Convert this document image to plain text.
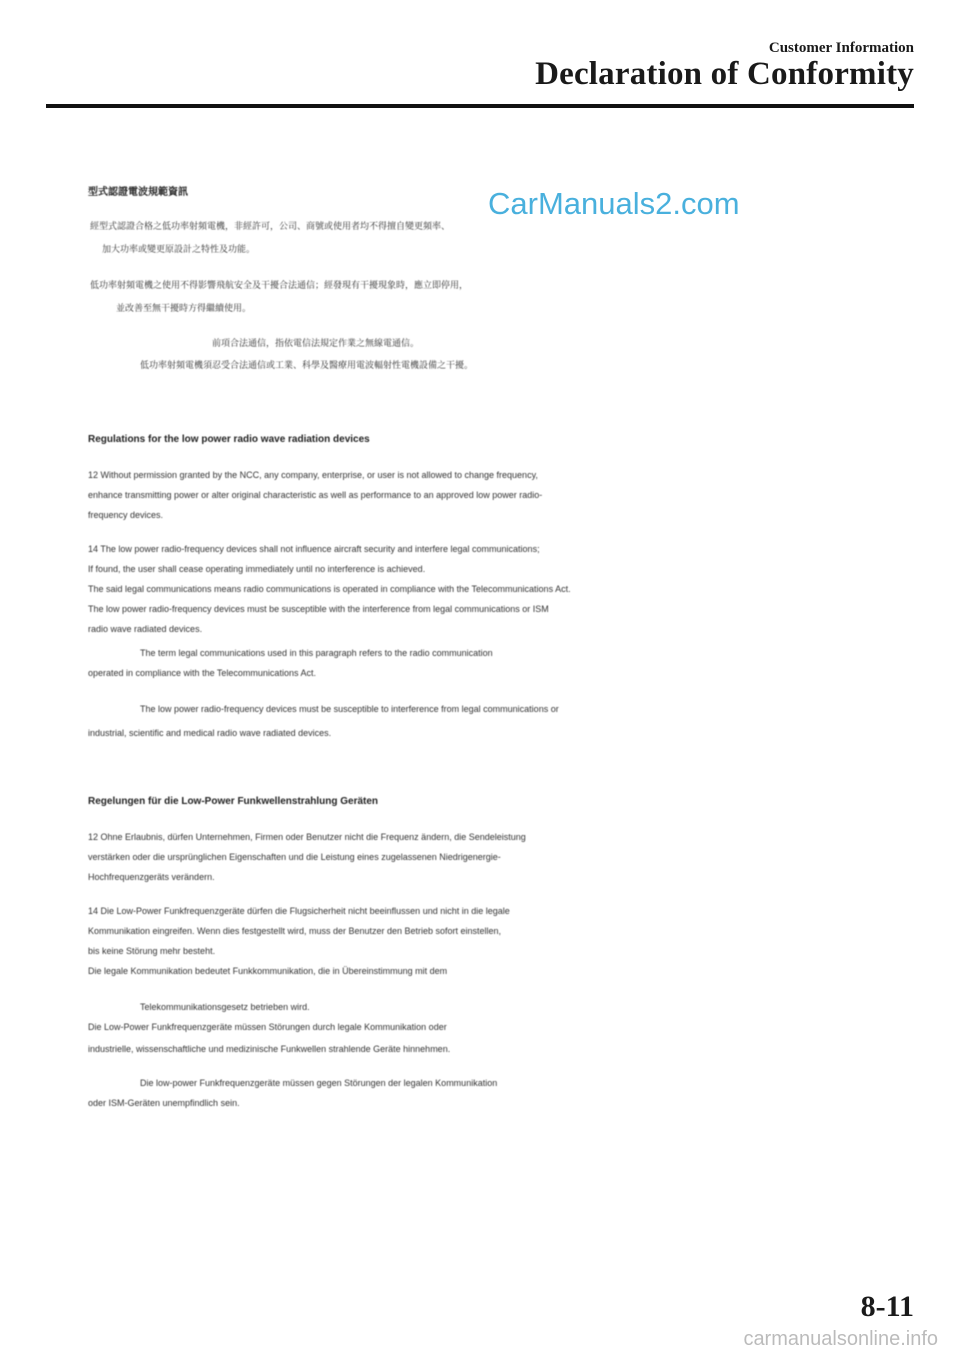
Customer Information
Declaration of Conformity
CarManuals2.com
型式認證電波規範資訊
經型式認證合格之低功率射頻電機，非經許可，公司、商號或使用者均不得擅自變更頻率、
加大功率或變更原設計之特性及功能。
低功率射頻電機之使用不得影響飛航安全及干擾合法通信；經發現有干擾現象時，應立即停用，
並改善至無干擾時方得繼續使用。
前項合法通信，指依電信法規定作業之無線電通信。
低功率射頻電機須忍受合法通信或工業、科學及醫療用電波輻射性電機設備之干擾。
Regulations for the low power radio wave radiation devices
12 Without permission granted by the NCC, any company, enterprise, or user is not allowed to change frequency,
enhance transmitting power or alter original characteristic as well as performance to an approved low power radio-
frequency devices.
14 The low power radio-frequency devices shall not influence aircraft security and interfere legal communications;
If found, the user shall cease operating immediately until no interference is achieved.
The said legal communications means radio communications is operated in compliance with the Telecommunications Act.
The low power radio-frequency devices must be susceptible with the interference from legal communications or ISM
radio wave radiated devices.
The term legal communications used in this paragraph refers to the radio communication
operated in compliance with the Telecommunications Act.
The low power radio-frequency devices must be susceptible to interference from legal communications or
industrial, scientific and medical radio wave radiated devices.
Regelungen für die Low-Power Funkwellenstrahlung Geräten
12 Ohne Erlaubnis, dürfen Unternehmen, Firmen oder Benutzer nicht die Frequenz ändern, die Sendeleistung
verstärken oder die ursprünglichen Eigenschaften und die Leistung eines zugelassenen Niedrigenergie-
Hochfrequenzgeräts verändern.
14 Die Low-Power Funkfrequenzgeräte dürfen die Flugsicherheit nicht beeinflussen und nicht in die legale
Kommunikation eingreifen. Wenn dies festgestellt wird, muss der Benutzer den Betrieb sofort einstellen,
bis keine Störung mehr besteht.
Die legale Kommunikation bedeutet Funkkommunikation, die in Übereinstimmung mit dem
Telekommunikationsgesetz betrieben wird.
Die Low-Power Funkfrequenzgeräte müssen Störungen durch legale Kommunikation oder
industrielle, wissenschaftliche und medizinische Funkwellen strahlende Geräte hinnehmen.
Die low-power Funkfrequenzgeräte müssen gegen Störungen der legalen Kommunikation
oder ISM-Geräten unempfindlich sein.
8-11
carmanualsonline.info
